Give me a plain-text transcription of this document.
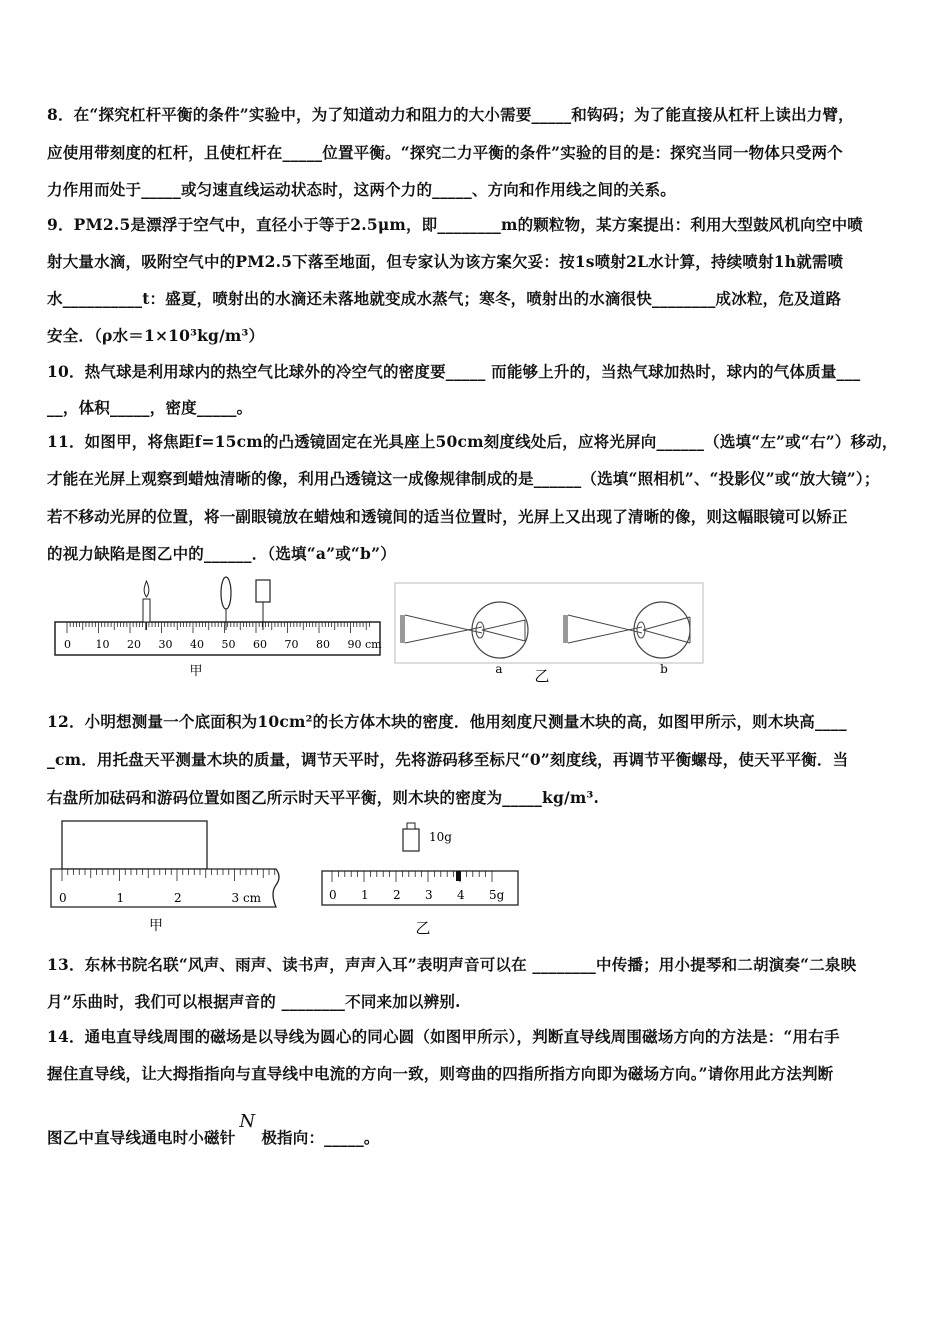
8．在“探究杠杆平衡的条件”实验中，为了知道动力和阻力的大小需要_____和钩码；为了能直接从杠杆上读出力臂，
应使用带刻度的杠杆，且使杠杆在_____位置平衡。“探究二力平衡的条件”实验的目的是：探究当同一物体只受两个
力作用而处于_____或匀速直线运动状态时，这两个力的_____、方向和作用线之间的关系。
9．PM2.5是漂浮于空气中，直径小于等于2.5μm，即________m的颗粒物，某方案提出：利用大型鼓风机向空中喷
射大量水滴，吸附空气中的PM2.5下落至地面，但专家认为该方案欠妥：按1s喷射2L水计算，持续喷射1h就需喷
水__________t：盛夏，喷射出的水滴还未落地就变成水蒸气；寒冬，喷射出的水滴很快________成冰粒，危及道路
安全．（ρ水＝1×10³kg/m³）
10．热气球是利用球内的热空气比球外的冷空气的密度要_____ 而能够上升的，当热气球加热时，球内的气体质量___
__，体积_____，密度_____。
11．如图甲，将焦距f=15cm的凸透镜固定在光具座上50cm刻度线处后，应将光屏向______（选填“左”或“右”）移动，
才能在光屏上观察到蜡烛清晰的像，利用凸透镜这一成像规律制成的是______（选填“照相机”、“投影仪”或“放大镜”）；
若不移动光屏的位置，将一副眼镜放在蜡烛和透镜间的适当位置时，光屏上又出现了清晰的像，则这幅眼镜可以矫正
的视力缺陷是图乙中的______．（选填“a”或“b”）
0 10 20 30 40 50 60 70 80 90 cm
甲	a 乙	b
12．小明想测量一个底面积为10cm²的长方体木块的密度．他用刻度尺测量木块的高，如图甲所示，则木块高____
_cm．用托盘天平测量木块的质量，调节天平时，先将游码移至标尺“0”刻度线，再调节平衡螺母，使天平平衡．当
右盘所加砝码和游码位置如图乙所示时天平平衡，则木块的密度为_____kg/m³.
0	1	2	3 cm
甲
10g
0 1 2 3 4 5g
乙
13．东林书院名联“风声、雨声、读书声，声声入耳”表明声音可以在 ________中传播；用小提琴和二胡演奏“二泉映
月”乐曲时，我们可以根据声音的 ________不同来加以辨别.
14．通电直导线周围的磁场是以导线为圆心的同心圆（如图甲所示），判断直导线周围磁场方向的方法是：“用右手
握住直导线，让大拇指指向与直导线中电流的方向一致，则弯曲的四指所指方向即为磁场方向。”请你用此方法判断
图乙中直导线通电时小磁针N极指向：_____。
